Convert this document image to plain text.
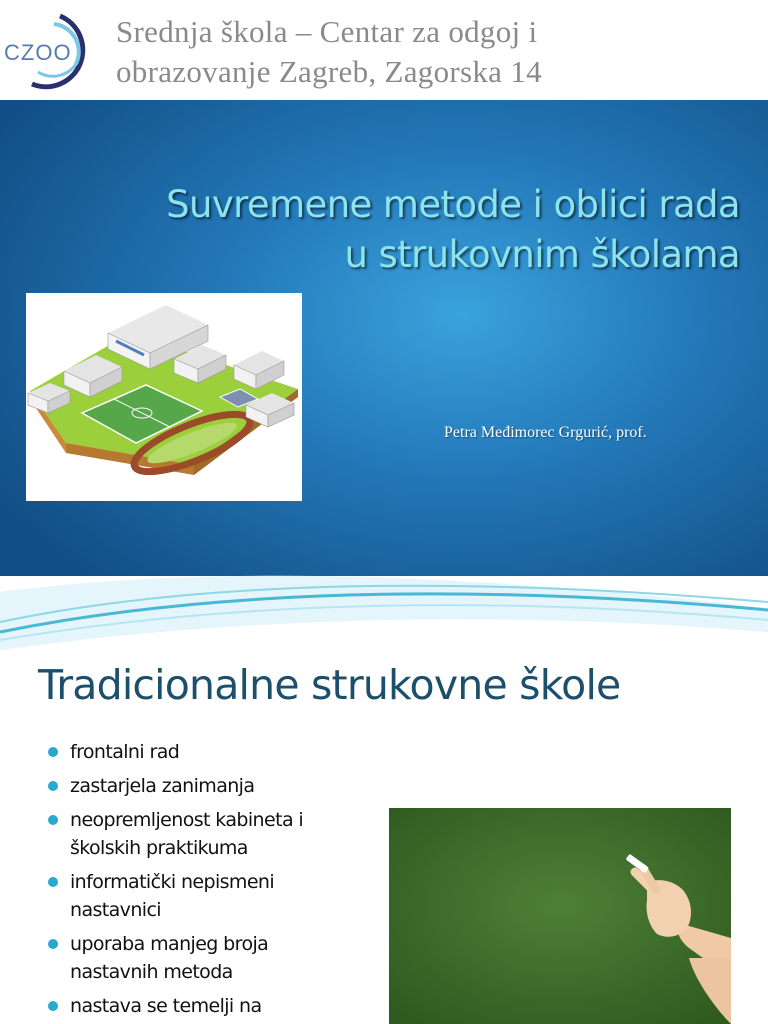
CZOO
Srednja škola – Centar za odgoj i
obrazovanje Zagreb, Zagorska 14
Suvremene metode i oblici rada
u strukovnim školama
Petra Međimorec Grgurić, prof.
Tradicionalne strukovne škole
frontalni rad
zastarjela zanimanja
neopremljenost kabineta i
školskih praktikuma
informatički nepismeni
nastavnici
uporaba manjeg broja
nastavnih metoda
nastava se temelji na
